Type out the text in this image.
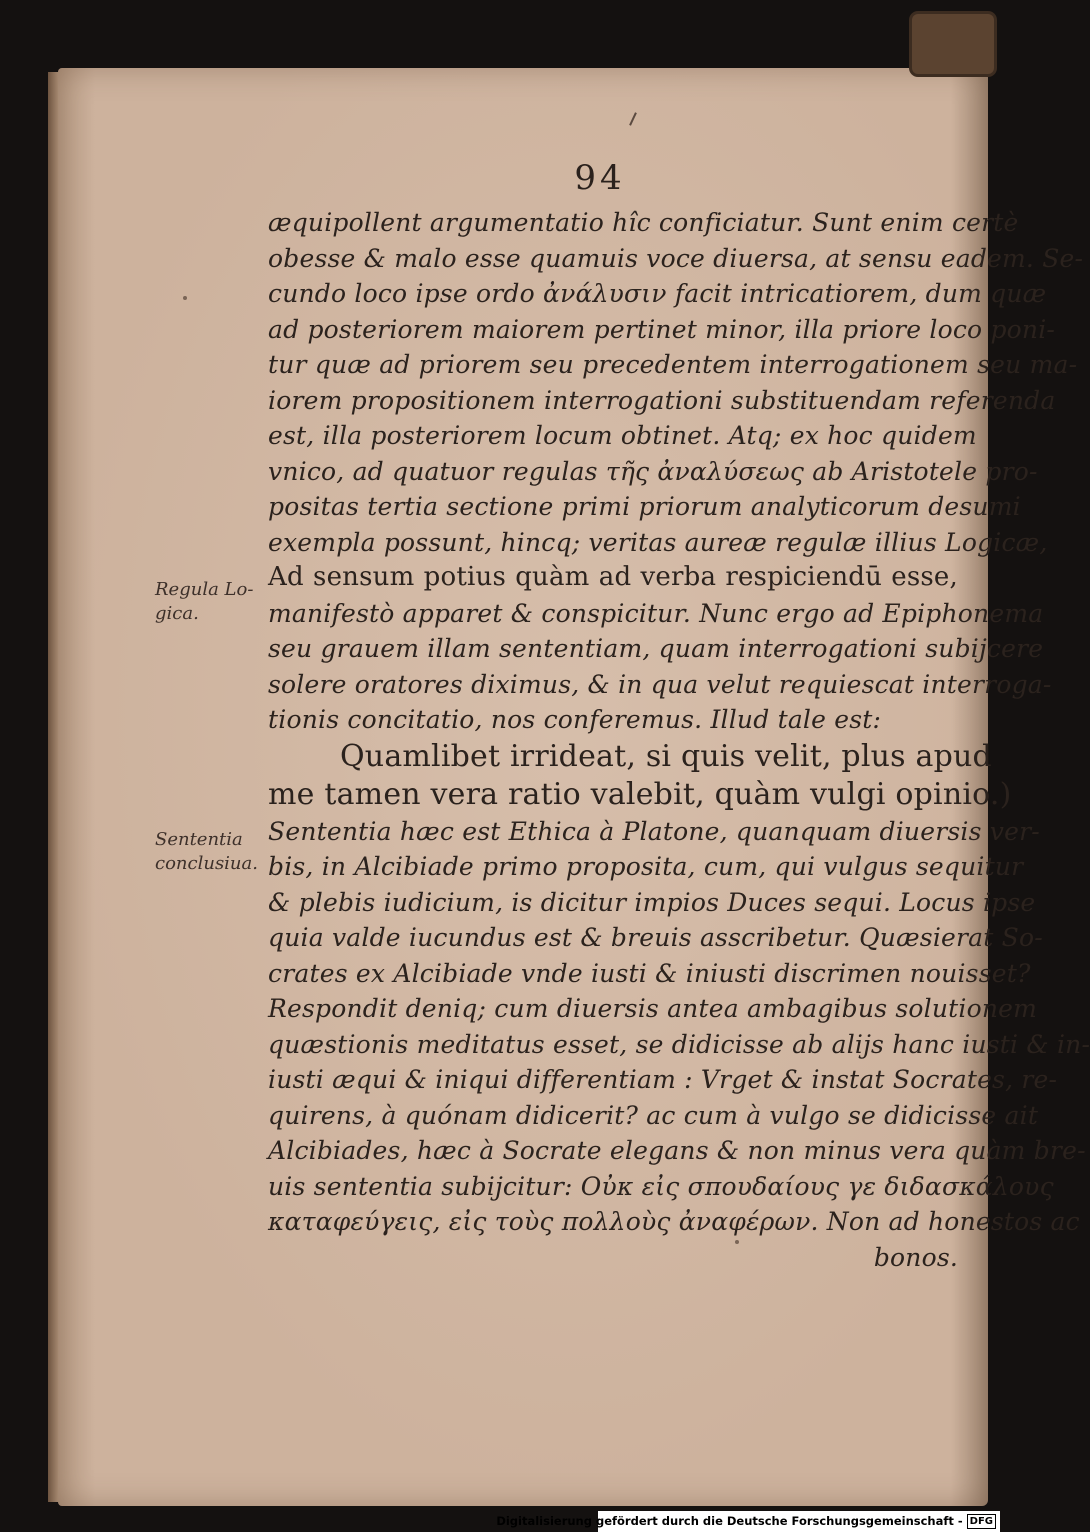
94
Regula Lo-
gica.
Sententia
conclusiua.
æquipollent argumentatio hîc conficiatur. Sunt enim certè
obesse & malo esse quamuis voce diuersa, at sensu eadem. Se-
cundo loco ipse ordo ἀνάλυσιν facit intricatiorem, dum quæ
ad posteriorem maiorem pertinet minor, illa priore loco poni-
tur quæ ad priorem seu precedentem interrogationem seu ma-
iorem propositionem interrogationi substituendam referenda
est, illa posteriorem locum obtinet. Atq; ex hoc quidem
vnico, ad quatuor regulas τῆς ἀναλύσεως ab Aristotele pro-
positas tertia sectione primi priorum analyticorum desumi
exempla possunt, hincq; veritas aureæ regulæ illius Logicæ,
Ad sensum potius quàm ad verba respiciendū esse,
manifestò apparet & conspicitur. Nunc ergo ad Epiphonema
seu grauem illam sententiam, quam interrogationi subijcere
solere oratores diximus, & in qua velut requiescat interroga-
tionis concitatio, nos conferemus. Illud tale est:
Quamlibet irrideat, si quis velit, plus apud
me tamen vera ratio valebit, quàm vulgi opinio.)
Sententia hæc est Ethica à Platone, quanquam diuersis ver-
bis, in Alcibiade primo proposita, cum, qui vulgus sequitur
& plebis iudicium, is dicitur impios Duces sequi. Locus ipse
quia valde iucundus est & breuis asscribetur. Quæsierat So-
crates ex Alcibiade vnde iusti & iniusti discrimen nouisset?
Respondit deniq; cum diuersis antea ambagibus solutionem
quæstionis meditatus esset, se didicisse ab alijs hanc iusti & in-
iusti æqui & iniqui differentiam : Vrget & instat Socrates, re-
quirens, à quónam didicerit? ac cum à vulgo se didicisse ait
Alcibiades, hæc à Socrate elegans & non minus vera quàm bre-
uis sententia subijcitur: Οὐκ εἰς σπουδαίους γε διδασκάλους
καταφεύγεις, εἰς τοὺς πολλοὺς ἀναφέρων. Non ad honestos ac
bonos.
Digitalisierung gefördert durch die Deutsche Forschungsgemeinschaft - DFG
